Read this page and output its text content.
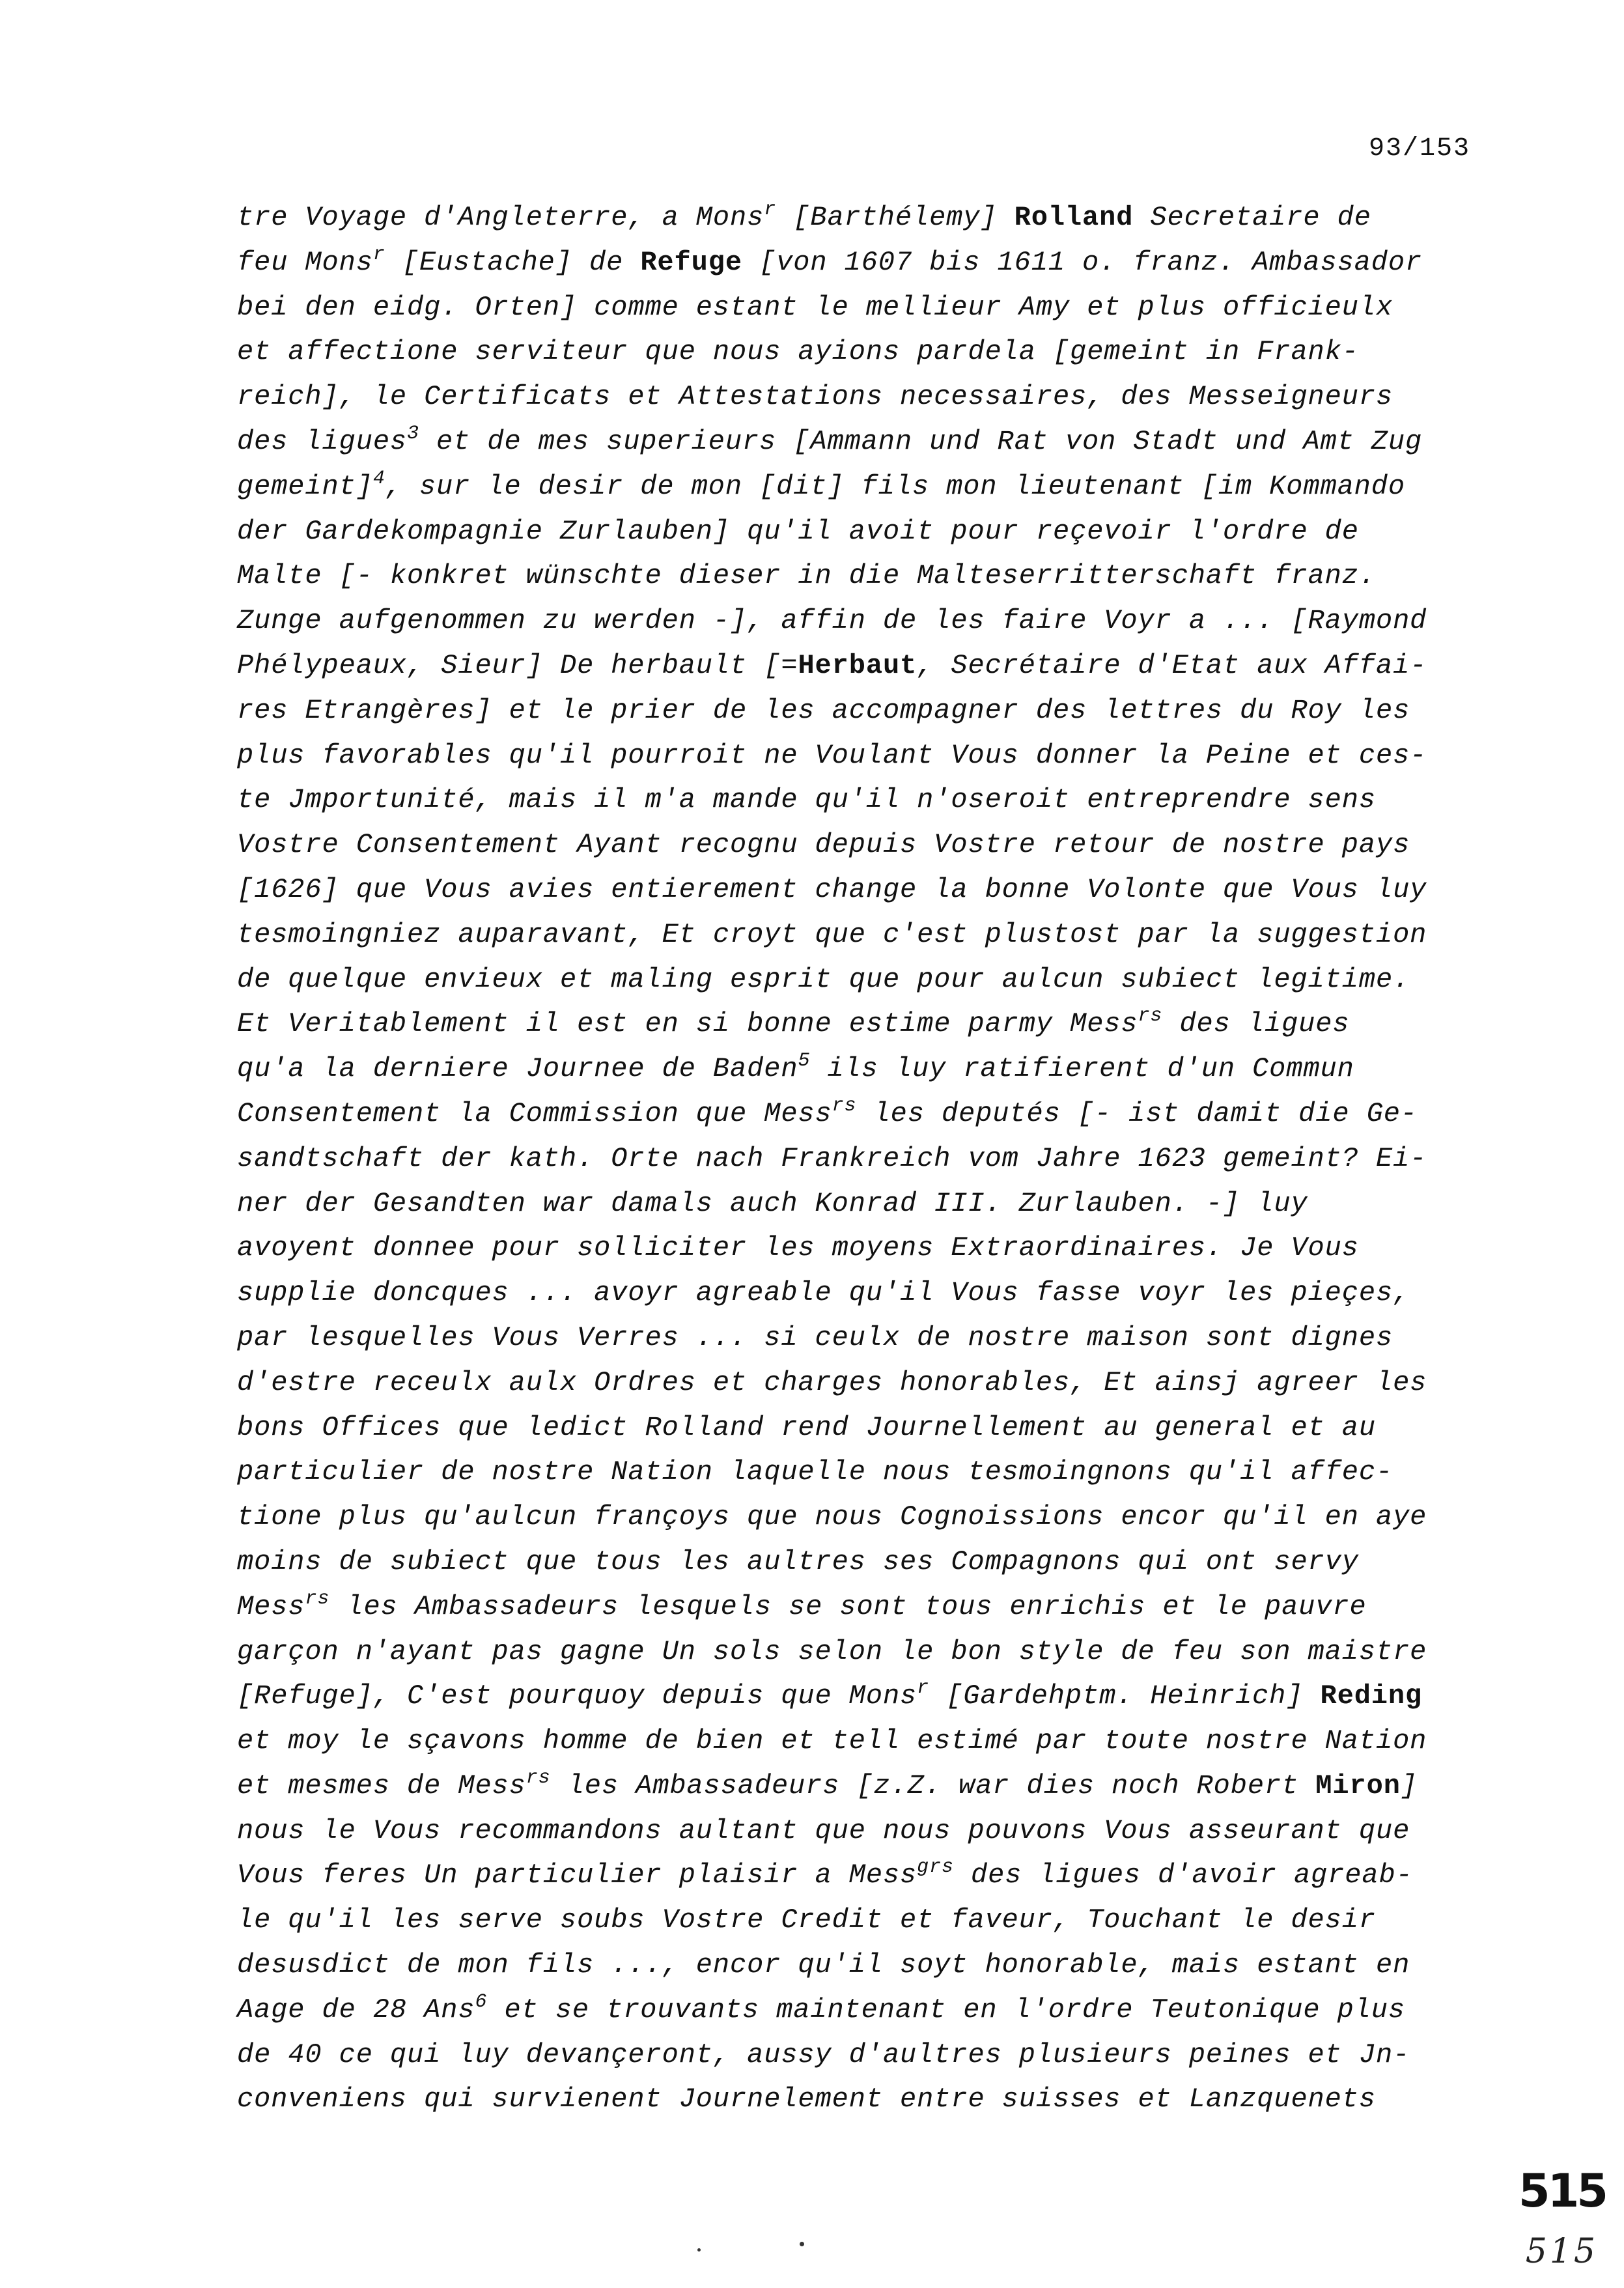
93/153
tre Voyage d'Angleterre, a Mons$^r$ [Barthélemy] Rolland Secretaire de
feu Mons$^r$ [Eustache] de Refuge [von 1607 bis 1611 o. franz. Ambassador
bei den eidg. Orten] comme estant le mellieur Amy et plus officieulx
et affectione serviteur que nous ayions pardela [gemeint in Frank-
reich], le Certificats et Attestations necessaires, des Messeigneurs
des ligues$^3$ et de mes superieurs [Ammann und Rat von Stadt und Amt Zug
gemeint]$^4$, sur le desir de mon [dit] fils mon lieutenant [im Kommando
der Gardekompagnie Zurlauben] qu'il avoit pour reçevoir l'ordre de
Malte [- konkret wünschte dieser in die Malteserritterschaft franz.
Zunge aufgenommen zu werden -], affin de les faire Voyr a ... [Raymond
Phélypeaux, Sieur] De herbault [=Herbaut, Secrétaire d'Etat aux Affai-
res Etrangères] et le prier de les accompagner des lettres du Roy les
plus favorables qu'il pourroit ne Voulant Vous donner la Peine et ces-
te Jmportunité, mais il m'a mande qu'il n'oseroit entreprendre sens
Vostre Consentement Ayant recognu depuis Vostre retour de nostre pays
[1626] que Vous avies entierement change la bonne Volonte que Vous luy
tesmoingniez auparavant, Et croyt que c'est plustost par la suggestion
de quelque envieux et maling esprit que pour aulcun subiect legitime.
Et Veritablement il est en si bonne estime parmy Mess$^{rs}$ des ligues
qu'a la derniere Journee de Baden$^5$ ils luy ratifierent d'un Commun
Consentement la Commission que Mess$^{rs}$ les deputés [- ist damit die Ge-
sandtschaft der kath. Orte nach Frankreich vom Jahre 1623 gemeint? Ei-
ner der Gesandten war damals auch Konrad III. Zurlauben. -] luy
avoyent donnee pour solliciter les moyens Extraordinaires. Je Vous
supplie doncques ... avoyr agreable qu'il Vous fasse voyr les pieçes,
par lesquelles Vous Verres ... si ceulx de nostre maison sont dignes
d'estre receulx aulx Ordres et charges honorables, Et ainsj agreer les
bons Offices que ledict Rolland rend Journellement au general et au
particulier de nostre Nation laquelle nous tesmoingnons qu'il affec-
tione plus qu'aulcun françoys que nous Cognoissions encor qu'il en aye
moins de subiect que tous les aultres ses Compagnons qui ont servy
Mess$^{rs}$ les Ambassadeurs lesquels se sont tous enrichis et le pauvre
garçon n'ayant pas gagne Un sols selon le bon style de feu son maistre
[Refuge], C'est pourquoy depuis que Mons$^r$ [Gardehptm. Heinrich] Reding
et moy le sçavons homme de bien et tell estimé par toute nostre Nation
et mesmes de Mess$^{rs}$ les Ambassadeurs [z.Z. war dies noch Robert Miron]
nous le Vous recommandons aultant que nous pouvons Vous asseurant que
Vous feres Un particulier plaisir a Mess$^{grs}$ des ligues d'avoir agreab-
le qu'il les serve soubs Vostre Credit et faveur, Touchant le desir
desusdict de mon fils ..., encor qu'il soyt honorable, mais estant en
Aage de 28 Ans$^6$ et se trouvants maintenant en l'ordre Teutonique plus
de 40 ce qui luy devançeront, aussy d'aultres plusieurs peines et Jn-
conveniens qui survienent Journelement entre suisses et Lanzquenets
515
515
